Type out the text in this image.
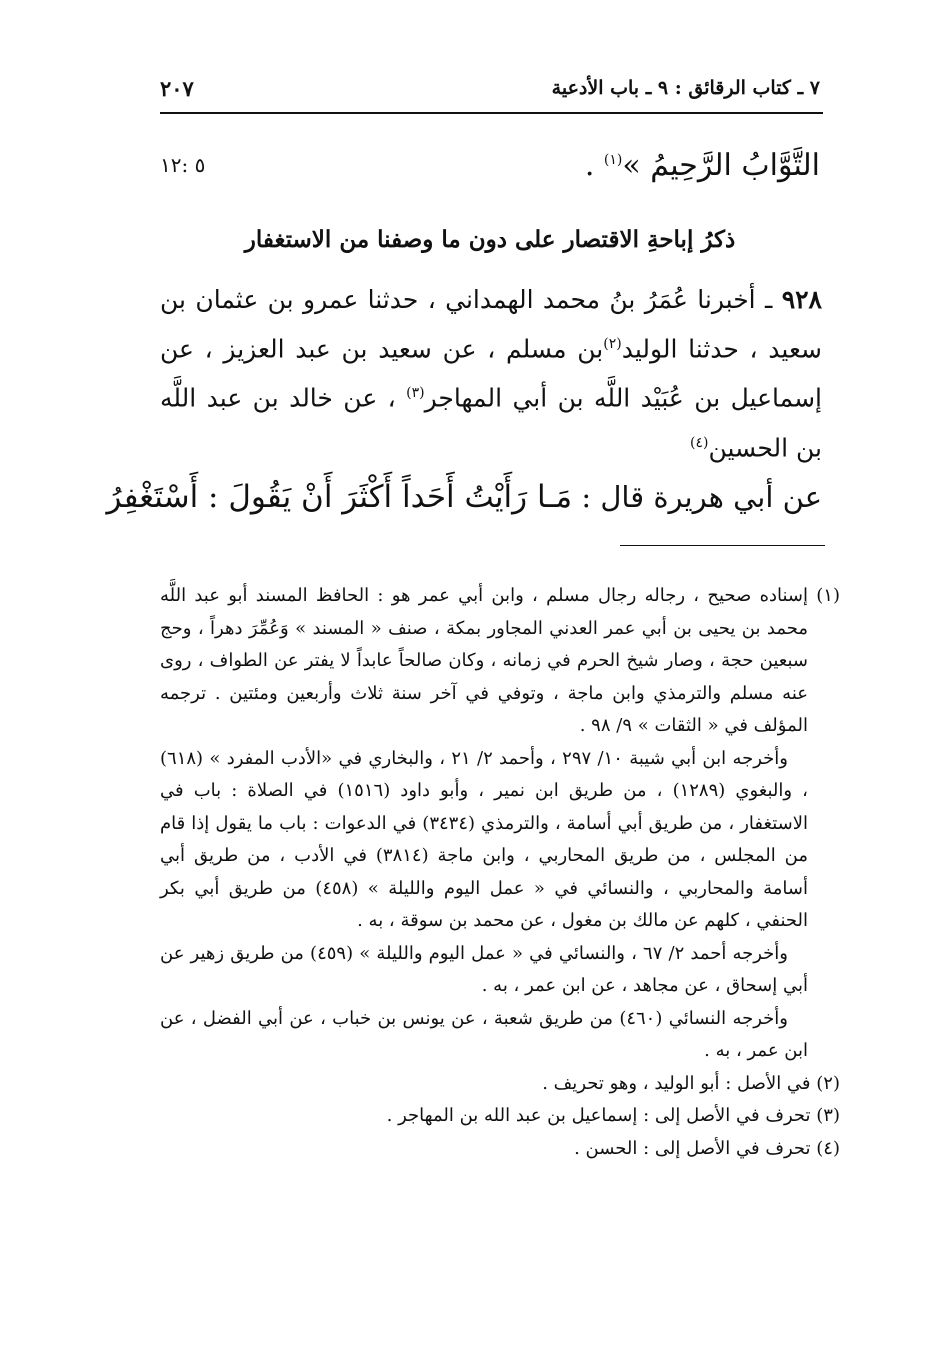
٧ ـ كتاب الرقائق : ٩ ـ باب الأدعية
٢٠٧
التَّوَّابُ الرَّحِيمُ »$^{(١)}$ .
٥ :١٢
ذكرُ إباحةِ الاقتصار على دون ما وصفنا من الاستغفار
٩٢٨ ـ أخبرنا عُمَرُ بنُ محمد الهمداني ، حدثنا عمرو بن عثمان بن سعيد ، حدثنا الوليد$^{(٢)}$بن مسلم ، عن سعيد بن عبد العزيز ، عن إسماعيل بن عُبَيْد اللَّه بن أبي المهاجر$^{(٣)}$ ، عن خالد بن عبد اللَّه بن الحسين$^{(٤)}$
عن أبي هريرة قال : مَـا رَأَيْتُ أَحَداً أَكْثَرَ أَنْ يَقُولَ : أَسْتَغْفِرُ

(١) إسناده صحيح ، رجاله رجال مسلم ، وابن أبي عمر هو : الحافظ المسند أبو عبد اللَّه محمد بن يحيى بن أبي عمر العدني المجاور بمكة ، صنف « المسند » وَعُمِّرَ دهراً ، وحج سبعين حجة ، وصار شيخ الحرم في زمانه ، وكان صالحاً عابداً لا يفتر عن الطواف ، روى عنه مسلم والترمذي وابن ماجة ، وتوفي في آخر سنة ثلاث وأربعين ومئتين . ترجمه المؤلف في « الثقات » ٩/ ٩٨ .

وأخرجه ابن أبي شيبة ١٠/ ٢٩٧ ، وأحمد ٢/ ٢١ ، والبخاري في «الأدب المفرد » (٦١٨) ، والبغوي (١٢٨٩) ، من طريق ابن نمير ، وأبو داود (١٥١٦) في الصلاة : باب في الاستغفار ، من طريق أبي أسامة ، والترمذي (٣٤٣٤) في الدعوات : باب ما يقول إذا قام من المجلس ، من طريق المحاربي ، وابن ماجة (٣٨١٤) في الأدب ، من طريق أبي أسامة والمحاربي ، والنسائي في « عمل اليوم والليلة » (٤٥٨) من طريق أبي بكر الحنفي ، كلهم عن مالك بن مغول ، عن محمد بن سوقة ، به .

وأخرجه أحمد ٢/ ٦٧ ، والنسائي في « عمل اليوم والليلة » (٤٥٩) من طريق زهير عن أبي إسحاق ، عن مجاهد ، عن ابن عمر ، به .

وأخرجه النسائي (٤٦٠) من طريق شعبة ، عن يونس بن خباب ، عن أبي الفضل ، عن ابن عمر ، به .

(٢) في الأصل : أبو الوليد ، وهو تحريف .

(٣) تحرف في الأصل إلى : إسماعيل بن عبد الله بن المهاجر .

(٤) تحرف في الأصل إلى : الحسن .
